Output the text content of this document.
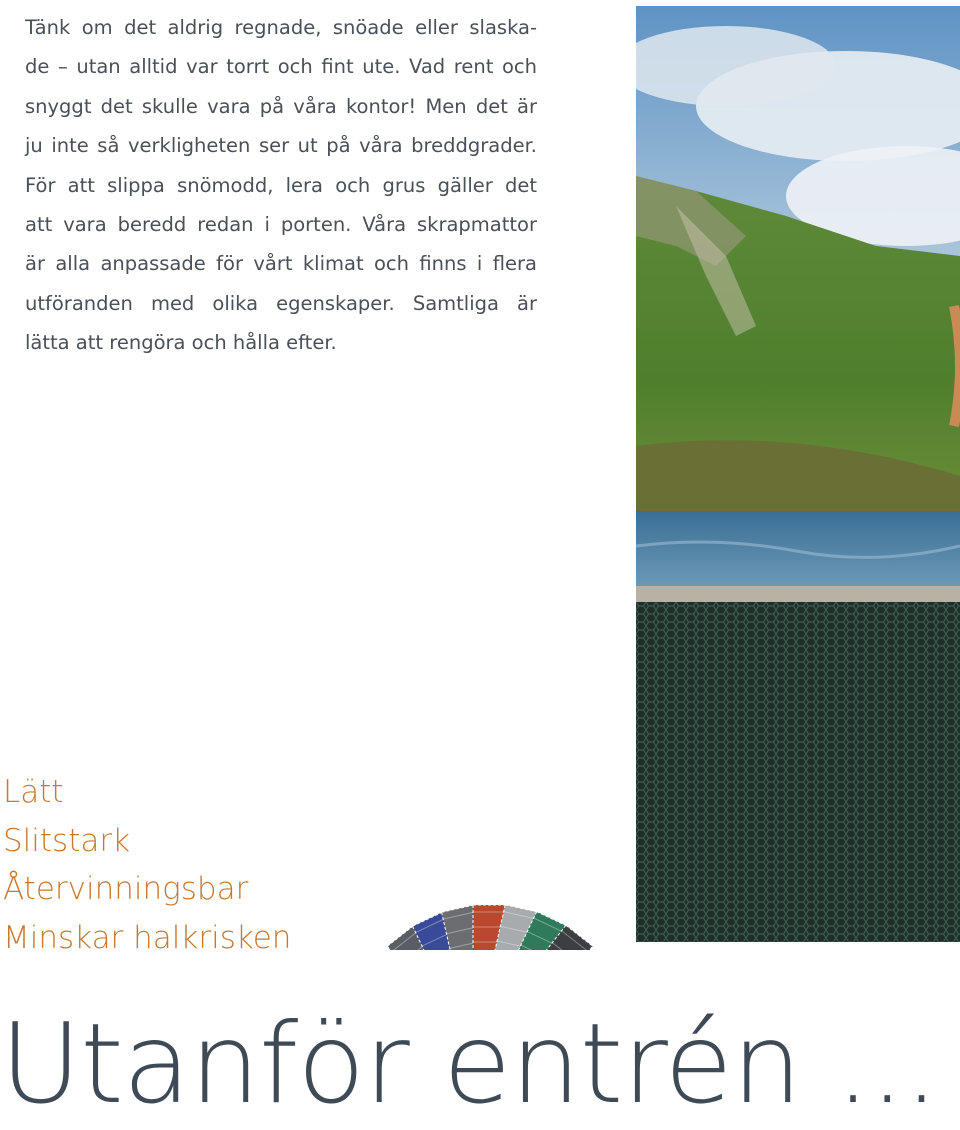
Tänk om det aldrig regnade, snöade eller slaska-
de – utan alltid var torrt och fint ute. Vad rent och
snyggt det skulle vara på våra kontor! Men det är
ju inte så verkligheten ser ut på våra breddgrader.
För att slippa snömodd, lera och grus gäller det
att vara beredd redan i porten. Våra skrapmattor
är alla anpassade för vårt klimat och finns i flera
utföranden med olika egenskaper. Samtliga är
lätta att rengöra och hålla efter.

Lätt
Slitstark
Återvinningsbar
Minskar halkrisken
Utanför entrén ...
